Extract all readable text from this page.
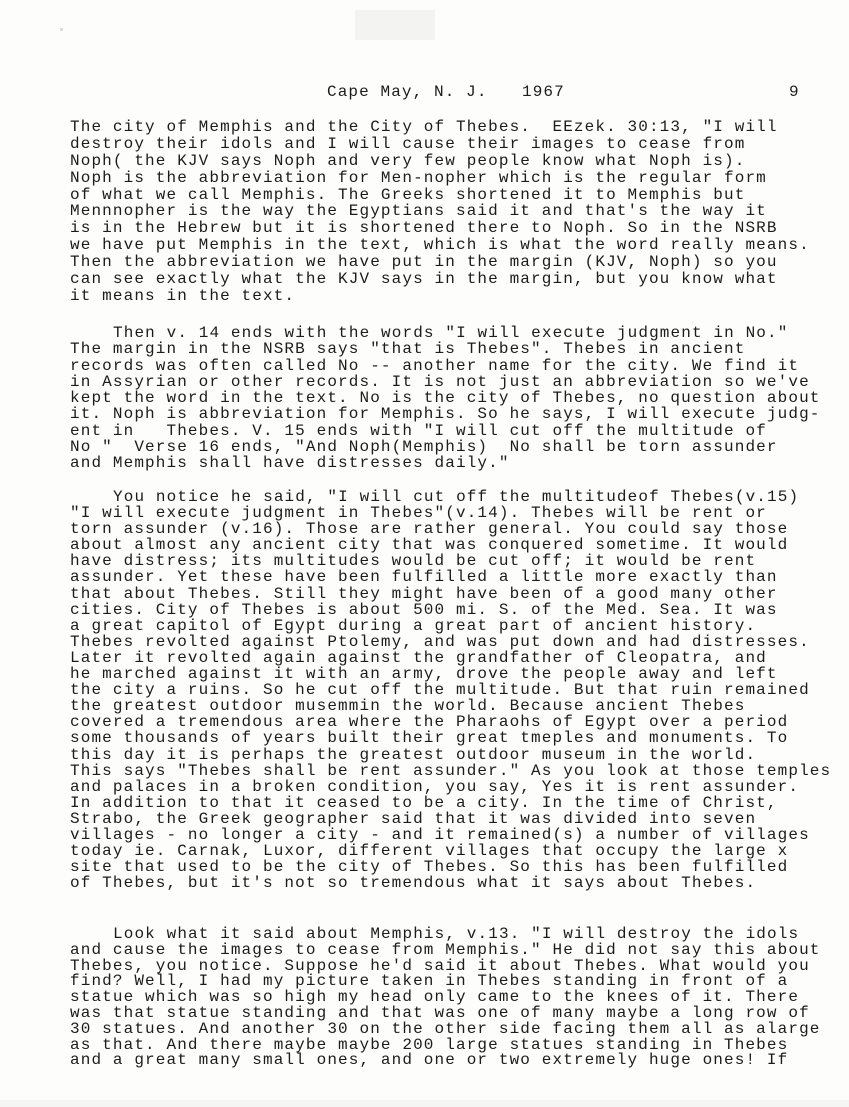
Cape May, N. J. 1967	9
The city of Memphis and the City of Thebes.  EEzek. 30:13, "I will
destroy their idols and I will cause their images to cease from
Noph( the KJV says Noph and very few people know what Noph is).
Noph is the abbreviation for Men-nopher which is the regular form
of what we call Memphis. The Greeks shortened it to Memphis but
Mennnopher is the way the Egyptians said it and that's the way it
is in the Hebrew but it is shortened there to Noph. So in the NSRB
we have put Memphis in the text, which is what the word really means.
Then the abbreviation we have put in the margin (KJV, Noph) so you
can see exactly what the KJV says in the margin, but you know what
it means in the text.
Then v. 14 ends with the words "I will execute judgment in No."
The margin in the NSRB says "that is Thebes". Thebes in ancient
records was often called No -- another name for the city. We find it
in Assyrian or other records. It is not just an abbreviation so we've
kept the word in the text. No is the city of Thebes, no question about
it. Noph is abbreviation for Memphis. So he says, I will execute judg-
ent in   Thebes. V. 15 ends with "I will cut off the multitude of
No "  Verse 16 ends, "And Noph(Memphis)  No shall be torn assunder
and Memphis shall have distresses daily."
You notice he said, "I will cut off the multitudeof Thebes(v.15)
"I will execute judgment in Thebes"(v.14). Thebes will be rent or
torn assunder (v.16). Those are rather general. You could say those
about almost any ancient city that was conquered sometime. It would
have distress; its multitudes would be cut off; it would be rent
assunder. Yet these have been fulfilled a little more exactly than
that about Thebes. Still they might have been of a good many other
cities. City of Thebes is about 500 mi. S. of the Med. Sea. It was
a great capitol of Egypt during a great part of ancient history.
Thebes revolted against Ptolemy, and was put down and had distresses.
Later it revolted again against the grandfather of Cleopatra, and
he marched against it with an army, drove the people away and left
the city a ruins. So he cut off the multitude. But that ruin remained
the greatest outdoor musemmin the world. Because ancient Thebes
covered a tremendous area where the Pharaohs of Egypt over a period
some thousands of years built their great tmeples and monuments. To
this day it is perhaps the greatest outdoor museum in the world.
This says "Thebes shall be rent assunder." As you look at those temples
and palaces in a broken condition, you say, Yes it is rent assunder.
In addition to that it ceased to be a city. In the time of Christ,
Strabo, the Greek geographer said that it was divided into seven
villages - no longer a city - and it remained(s) a number of villages
today ie. Carnak, Luxor, different villages that occupy the large x
site that used to be the city of Thebes. So this has been fulfilled
of Thebes, but it's not so tremendous what it says about Thebes.
Look what it said about Memphis, v.13. "I will destroy the idols
and cause the images to cease from Memphis." He did not say this about
Thebes, you notice. Suppose he'd said it about Thebes. What would you
find? Well, I had my picture taken in Thebes standing in front of a
statue which was so high my head only came to the knees of it. There
was that statue standing and that was one of many maybe a long row of
30 statues. And another 30 on the other side facing them all as alarge
as that. And there maybe maybe 200 large statues standing in Thebes
and a great many small ones, and one or two extremely huge ones! If
